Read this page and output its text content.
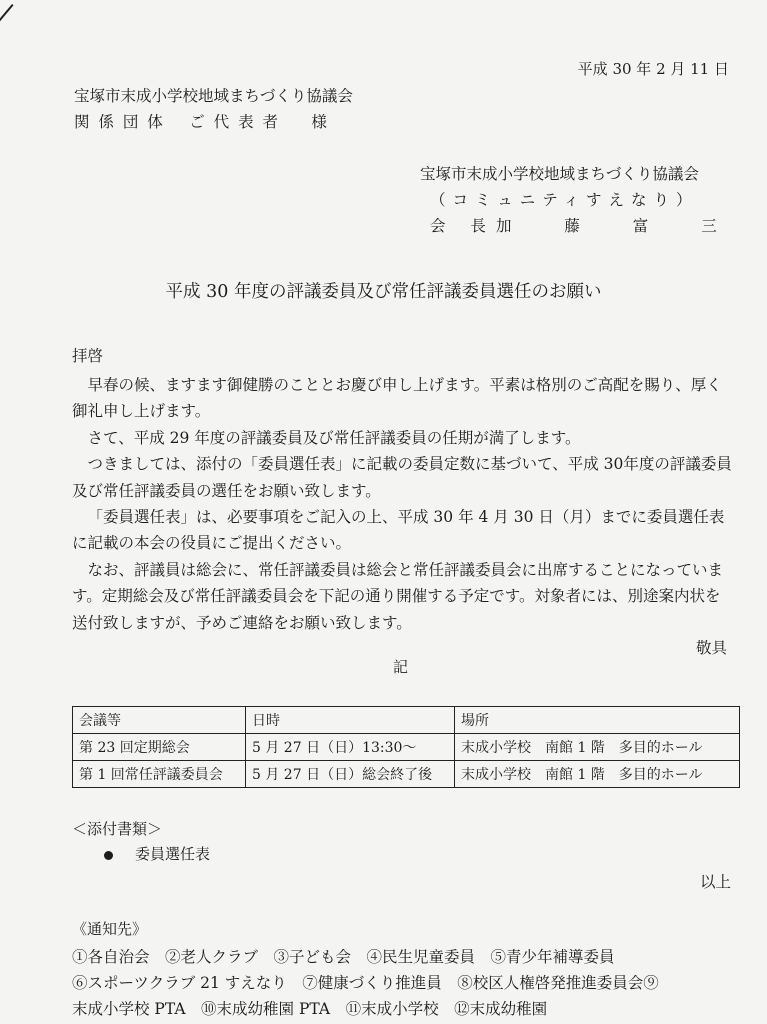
平成 30 年 2 月 11 日
宝塚市末成小学校地域まちづくり協議会
関 係 団 体　 ご 代 表 者 　 様
宝塚市末成小学校地域まちづくり協議会
（コミュニティすえなり）
会 長 加 藤 富 三
平成 30 年度の評議委員及び常任評議委員選任のお願い
拝啓

早春の候、ますます御健勝のこととお慶び申し上げます。平素は格別のご高配を賜り、厚く御礼申し上げます。

さて、平成 29 年度の評議委員及び常任評議委員の任期が満了します。

つきましては、添付の「委員選任表」に記載の委員定数に基づいて、平成 30年度の評議委員及び常任評議委員の選任をお願い致します。

「委員選任表」は、必要事項をご記入の上、平成 30 年 4 月 30 日（月）までに委員選任表に記載の本会の役員にご提出ください。

なお、評議員は総会に、常任評議委員は総会と常任評議委員会に出席することになっています。定期総会及び常任評議委員会を下記の通り開催する予定です。対象者には、別途案内状を送付致しますが、予めご連絡をお願い致します。

敬具
記
会議等	日時	場所
第 23 回定期総会	5 月 27 日（日）13:30～	末成小学校　南館 1 階　多目的ホール
第 1 回常任評議委員会	5 月 27 日（日）総会終了後	末成小学校　南館 1 階　多目的ホール
＜添付書類＞
委員選任表
以上
《通知先》
①各自治会　②老人クラブ　③子ども会　④民生児童委員　⑤青少年補導委員
⑥スポーツクラブ 21 すえなり　⑦健康づくり推進員　⑧校区人権啓発推進委員会⑨
末成小学校 PTA　⑩末成幼稚園 PTA　⑪末成小学校　⑫末成幼稚園
